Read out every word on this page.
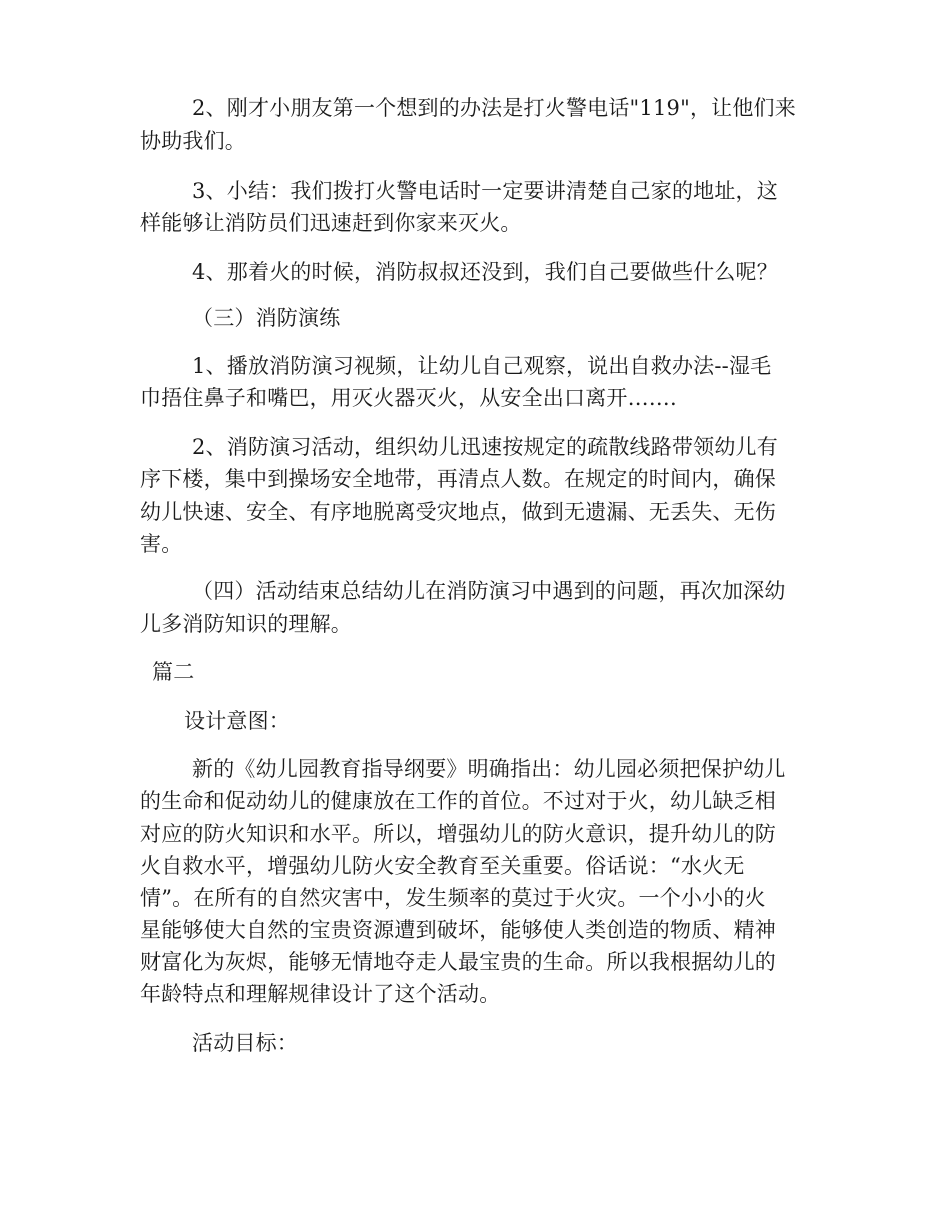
2、刚才小朋友第一个想到的办法是打火警电话"119"，让他们来
协助我们。
3、小结：我们拨打火警电话时一定要讲清楚自己家的地址，这
样能够让消防员们迅速赶到你家来灭火。
4、那着火的时候，消防叔叔还没到，我们自己要做些什么呢？
（三）消防演练
1、播放消防演习视频，让幼儿自己观察，说出自救办法--湿毛
巾捂住鼻子和嘴巴，用灭火器灭火，从安全出口离开…….
2、消防演习活动，组织幼儿迅速按规定的疏散线路带领幼儿有
序下楼，集中到操场安全地带，再清点人数。在规定的时间内，确保
幼儿快速、安全、有序地脱离受灾地点，做到无遗漏、无丢失、无伤
害。
（四）活动结束总结幼儿在消防演习中遇到的问题，再次加深幼
儿多消防知识的理解。
篇二
设计意图：
新的《幼儿园教育指导纲要》明确指出：幼儿园必须把保护幼儿
的生命和促动幼儿的健康放在工作的首位。不过对于火，幼儿缺乏相
对应的防火知识和水平。所以，增强幼儿的防火意识，提升幼儿的防
火自救水平，增强幼儿防火安全教育至关重要。俗话说：“水火无
情”。在所有的自然灾害中，发生频率的莫过于火灾。一个小小的火
星能够使大自然的宝贵资源遭到破坏，能够使人类创造的物质、精神
财富化为灰烬，能够无情地夺走人最宝贵的生命。所以我根据幼儿的
年龄特点和理解规律设计了这个活动。
活动目标：
